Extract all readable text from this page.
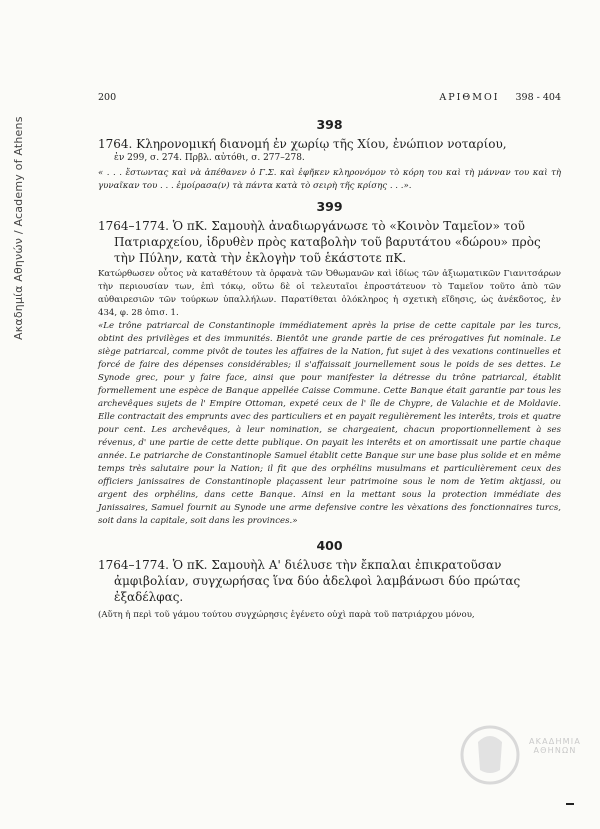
Ακαδημία Αθηνών / Academy of Athens
200	ΑΡΙΘΜΟΙ 398 - 404
398
1764. Κληρονομική διανομή ἐν χωρίῳ τῆς Χίου, ἐνώπιον νοταρίου,
ἐν 299, σ. 274. Πρβλ. αὐτόθι, σ. 277–278.
« . . . ἔστωντας καὶ νὰ ἀπέθανεν ὁ Γ.Σ. καὶ ἐφῆκεν κληρονόμον τὸ κόρη του καὶ τὴ μάνναν του καὶ τὴ γυναῖκαν του . . . ἐμοίρασα(ν) τὰ πάντα κατὰ τὸ σειρὴ τῆς κρίσης . . .».
399
1764–1774. Ὁ πΚ. Σαμουὴλ ἀναδιωργάνωσε τὸ «Κοινὸν Ταμεῖον» τοῦ Πατριαρχείου, ἱδρυθὲν πρὸς καταβολὴν τοῦ βαρυτάτου «δώρου» πρὸς τὴν Πύλην, κατὰ τὴν ἐκλογὴν τοῦ ἑκάστοτε πΚ.
Κατώρθωσεν οὗτος νὰ καταθέτουν τὰ ὀρφανὰ τῶν Ὀθωμανῶν καὶ ἰδίως τῶν ἀξιωματικῶν Γιανιτσάρων τὴν περιουσίαν των, ἐπὶ τόκῳ, οὕτω δὲ οἱ τελευταῖοι ἐπροστάτευον τὸ Ταμεῖον τοῦτο ἀπὸ τῶν αὐθαιρεσιῶν τῶν τούρκων ὑπαλλήλων. Παρατίθεται ὁλόκληρος ἡ σχετικὴ εἴδησις, ὡς ἀνέκδοτος, ἐν 434, φ. 28 ὀπισ. 1.
«Le trône patriarcal de Constantinople immédiatement après la prise de cette capitale par les turcs, obtint des privilèges et des immunités. Bientôt une grande partie de ces prérogatives fut nominale. Le siège patriarcal, comme pivôt de toutes les affaires de la Nation, fut sujet à des vexations continuelles et forcé de faire des dépenses considérables; il s'affaissait journellement sous le poids de ses dettes. Le Synode grec, pour y faire face, ainsi que pour manifester la détresse du trône patriarcal, établit formellement une espèce de Banque appellée Caisse Commune. Cette Banque était garantie par tous les archevêques sujets de l' Empire Ottoman, expeté ceux de l' île de Chypre, de Valachie et de Moldavie. Elle contractait des emprunts avec des particuliers et en payait regulièrement les interêts, trois et quatre pour cent. Les archevêques, à leur nomination, se chargeaient, chacun proportionnellement à ses révenus, d' une partie de cette dette publique. On payait les interêts et on amortissait une partie chaque année. Le patriarche de Constantinople Samuel établit cette Banque sur une base plus solide et en même temps très salutaire pour la Nation; il fit que des orphélins musulmans et particulièrement ceux des officiers janissaires de Constantinople plaçassent leur patrimoine sous le nom de Yetim aktjassi, ou argent des orphélins, dans cette Banque. Ainsi en la mettant sous la protection immédiate des Janissaires, Samuel fournit au Synode une arme defensive contre les vèxations des fonctionnaires turcs, soit dans la capitale, soit dans les provinces.»
400
1764–1774. Ὁ πΚ. Σαμουὴλ Α' διέλυσε τὴν ἔκπαλαι ἐπικρατοῦσαν ἀμφιβολίαν, συγχωρήσας ἵνα δύο ἀδελφοὶ λαμβάνωσι δύο πρώτας ἐξαδέλφας.
(Αὕτη ἡ περὶ τοῦ γάμου τούτου συγχώρησις ἐγένετο οὐχὶ παρὰ τοῦ πατριάρχου μόνου,
ΑΚΑΔΗΜΙΑ ΑΘΗΝΩΝ
